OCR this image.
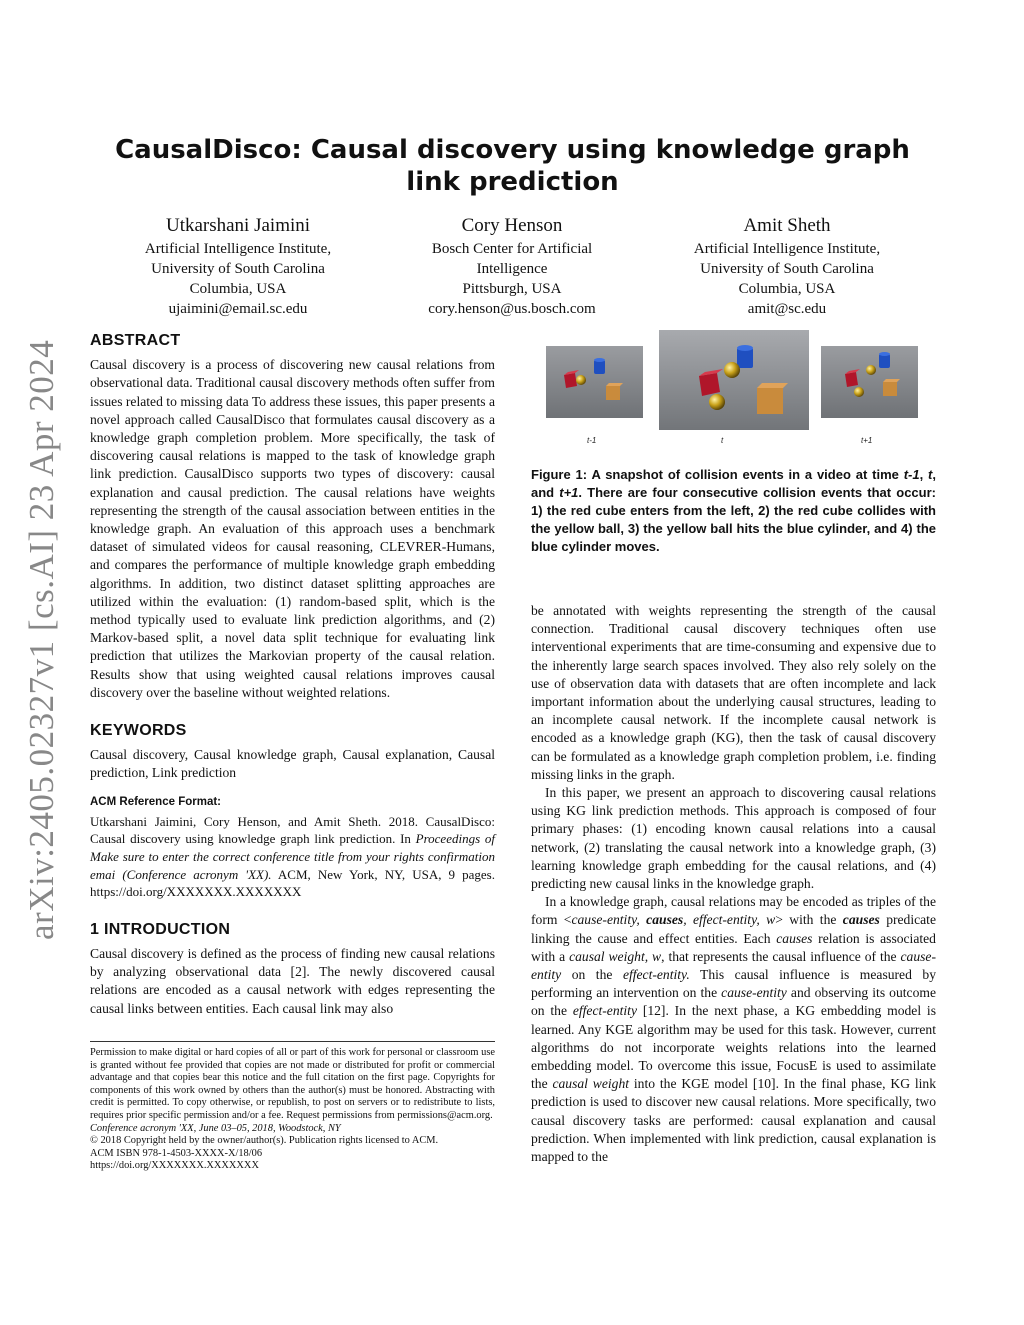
arXiv:2405.02327v1 [cs.AI] 23 Apr 2024
CausalDisco: Causal discovery using knowledge graph link prediction
Utkarshani Jaimini
Artificial Intelligence Institute,
University of South Carolina
Columbia, USA
ujaimini@email.sc.edu
Cory Henson
Bosch Center for Artificial
Intelligence
Pittsburgh, USA
cory.henson@us.bosch.com
Amit Sheth
Artificial Intelligence Institute,
University of South Carolina
Columbia, USA
amit@sc.edu
ABSTRACT

Causal discovery is a process of discovering new causal relations from observational data. Traditional causal discovery methods often suffer from issues related to missing data To address these issues, this paper presents a novel approach called CausalDisco that formulates causal discovery as a knowledge graph completion problem. More specifically, the task of discovering causal relations is mapped to the task of knowledge graph link prediction. CausalDisco supports two types of discovery: causal explanation and causal prediction. The causal relations have weights representing the strength of the causal association between entities in the knowledge graph. An evaluation of this approach uses a benchmark dataset of simulated videos for causal reasoning, CLEVRER-Humans, and compares the performance of multiple knowledge graph embedding algorithms. In addition, two distinct dataset splitting approaches are utilized within the evaluation: (1) random-based split, which is the method typically used to evaluate link prediction algorithms, and (2) Markov-based split, a novel data split technique for evaluating link prediction that utilizes the Markovian property of the causal relation. Results show that using weighted causal relations improves causal discovery over the baseline without weighted relations.

KEYWORDS

Causal discovery, Causal knowledge graph, Causal explanation, Causal prediction, Link prediction

ACM Reference Format:

Utkarshani Jaimini, Cory Henson, and Amit Sheth. 2018. CausalDisco: Causal discovery using knowledge graph link prediction. In Proceedings of Make sure to enter the correct conference title from your rights confirmation emai (Conference acronym 'XX). ACM, New York, NY, USA, 9 pages. https://doi.org/XXXXXXX.XXXXXXX

1 INTRODUCTION

Causal discovery is defined as the process of finding new causal relations by analyzing observational data [2]. The newly discovered causal relations are encoded as a causal network with edges representing the causal links between entities. Each causal link may also

Permission to make digital or hard copies of all or part of this work for personal or classroom use is granted without fee provided that copies are not made or distributed for profit or commercial advantage and that copies bear this notice and the full citation on the first page. Copyrights for components of this work owned by others than the author(s) must be honored. Abstracting with credit is permitted. To copy otherwise, or republish, to post on servers or to redistribute to lists, requires prior specific permission and/or a fee. Request permissions from permissions@acm.org.

Conference acronym 'XX, June 03–05, 2018, Woodstock, NY

© 2018 Copyright held by the owner/author(s). Publication rights licensed to ACM.

ACM ISBN 978-1-4503-XXXX-X/18/06

https://doi.org/XXXXXXX.XXXXXXX

t-1	t	t+1
Figure 1: A snapshot of collision events in a video at time t-1, t, and t+1. There are four consecutive collision events that occur: 1) the red cube enters from the left, 2) the red cube collides with the yellow ball, 3) the yellow ball hits the blue cylinder, and 4) the blue cylinder moves.

be annotated with weights representing the strength of the causal connection. Traditional causal discovery techniques often use interventional experiments that are time-consuming and expensive due to the inherently large search spaces involved. They also rely solely on the use of observation data with datasets that are often incomplete and lack important information about the underlying causal structures, leading to an incomplete causal network. If the incomplete causal network is encoded as a knowledge graph (KG), then the task of causal discovery can be formulated as a knowledge graph completion problem, i.e. finding missing links in the graph.

In this paper, we present an approach to discovering causal relations using KG link prediction methods. This approach is composed of four primary phases: (1) encoding known causal relations into a causal network, (2) translating the causal network into a knowledge graph, (3) learning knowledge graph embedding for the causal relations, and (4) predicting new causal links in the knowledge graph.

In a knowledge graph, causal relations may be encoded as triples of the form <cause-entity, causes, effect-entity, w> with the causes predicate linking the cause and effect entities. Each causes relation is associated with a causal weight, w, that represents the causal influence of the cause-entity on the effect-entity. This causal influence is measured by performing an intervention on the cause-entity and observing its outcome on the effect-entity [12]. In the next phase, a KG embedding model is learned. Any KGE algorithm may be used for this task. However, current algorithms do not incorporate weights relations into the learned embedding model. To overcome this issue, FocusE is used to assimilate the causal weight into the KGE model [10]. In the final phase, KG link prediction is used to discover new causal relations. More specifically, two causal discovery tasks are performed: causal explanation and causal prediction. When implemented with link prediction, causal explanation is mapped to the
